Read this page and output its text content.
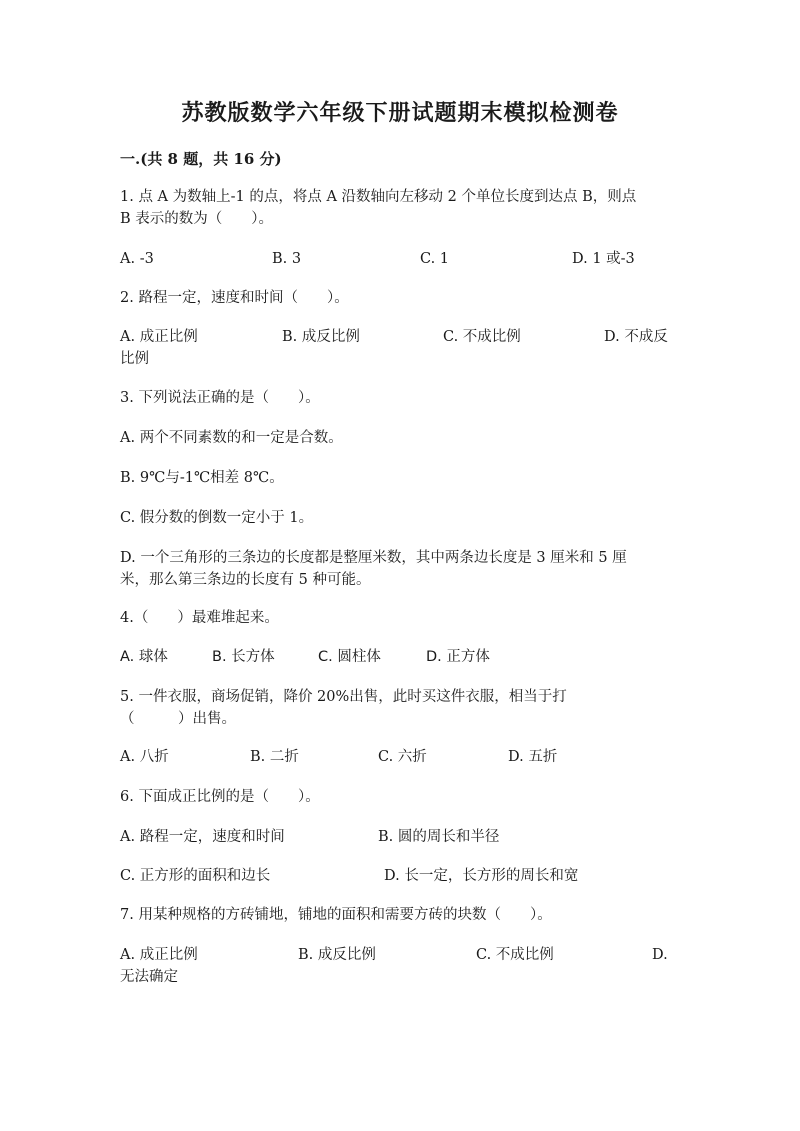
苏教版数学六年级下册试题期末模拟检测卷
一.(共 8 题，共 16 分)
1. 点 A 为数轴上-1 的点，将点 A 沿数轴向左移动 2 个单位长度到达点 B，则点
B 表示的数为（　　）。
A. -3	B. 3	C. 1	D. 1 或-3
2. 路程一定，速度和时间（　　）。
A. 成正比例	B. 成反比例	C. 不成比例	D. 不成反
比例
3. 下列说法正确的是（　　）。
A. 两个不同素数的和一定是合数。
B. 9℃与-1℃相差 8℃。
C. 假分数的倒数一定小于 1。
D. 一个三角形的三条边的长度都是整厘米数，其中两条边长度是 3 厘米和 5 厘
米，那么第三条边的长度有 5 种可能。
4.（　　）最难堆起来。
A. 球体	B. 长方体	C. 圆柱体	D. 正方体
5. 一件衣服，商场促销，降价 20%出售，此时买这件衣服，相当于打
（　　　）出售。
A. 八折	B. 二折	C. 六折	D. 五折
6. 下面成正比例的是（　　）。
A. 路程一定，速度和时间	B. 圆的周长和半径
C. 正方形的面积和边长	D. 长一定，长方形的周长和宽
7. 用某种规格的方砖铺地，铺地的面积和需要方砖的块数（　　）。
A. 成正比例	B. 成反比例	C. 不成比例	D.
无法确定
